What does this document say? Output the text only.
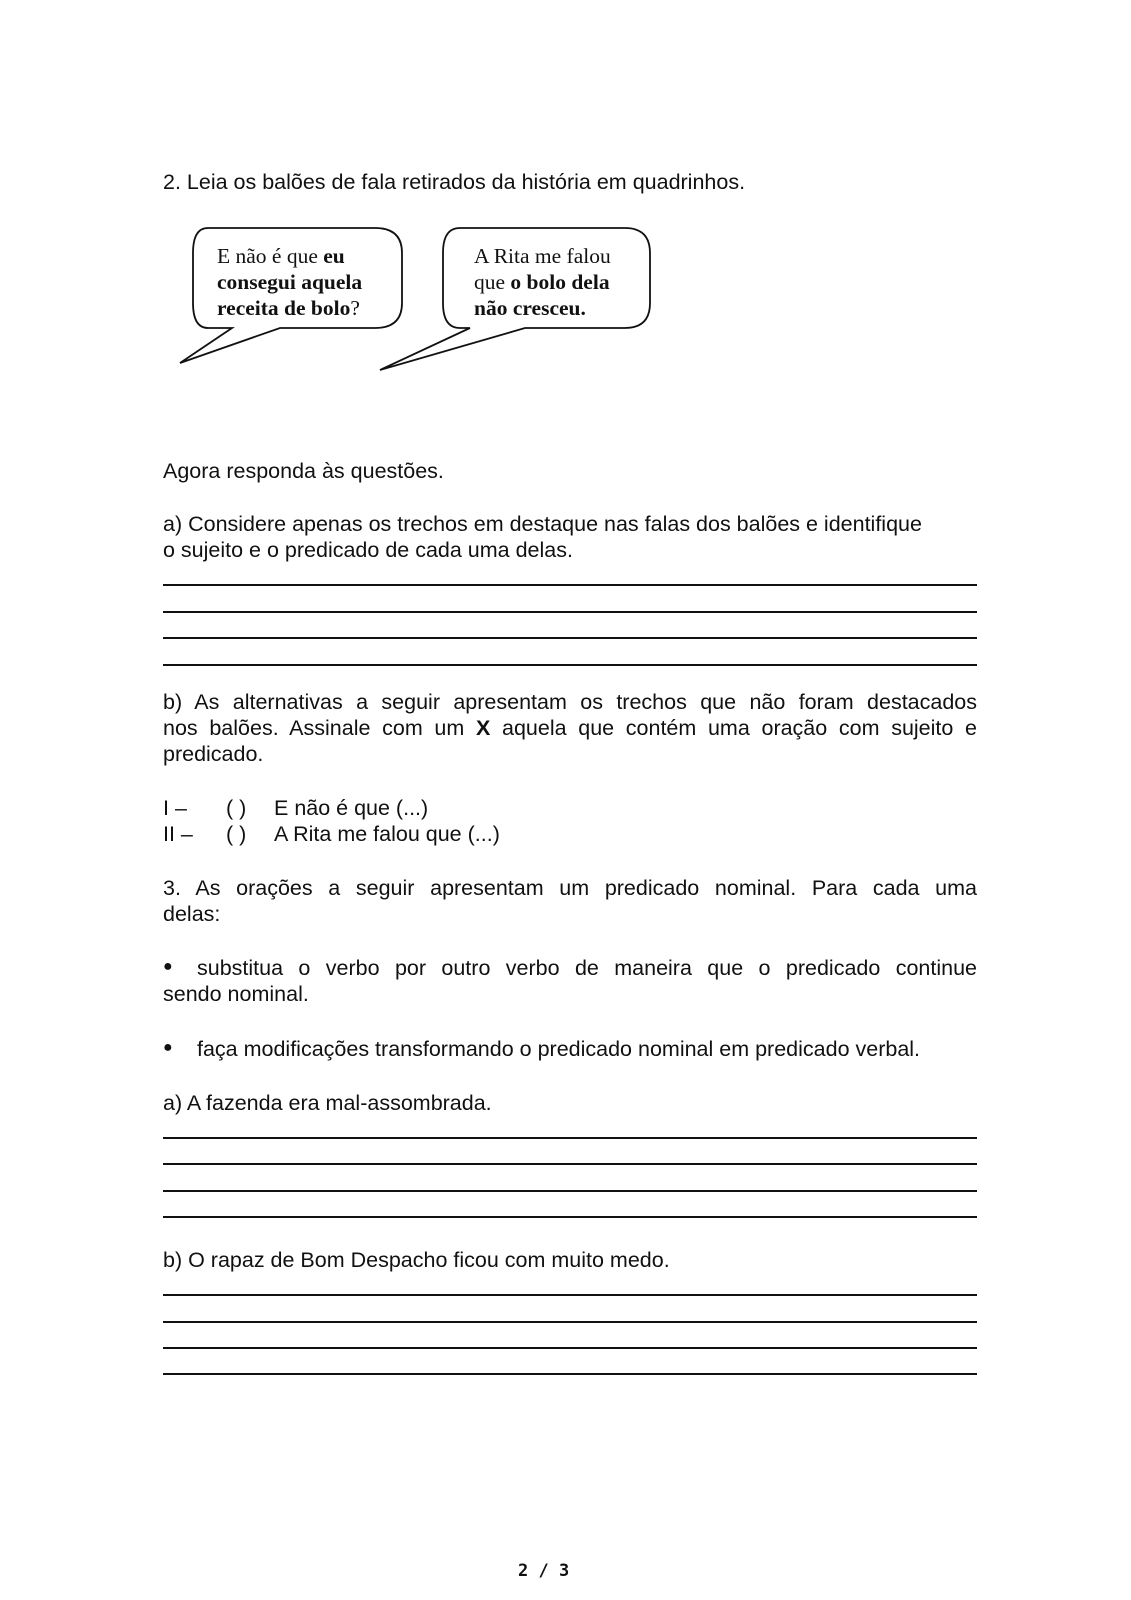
2. Leia os balões de fala retirados da história em quadrinhos.
E não é que eu
consegui aquela
receita de bolo?
A Rita me falou
que o bolo dela
não cresceu.
Agora responda às questões.
a) Considere apenas os trechos em destaque nas falas dos balões e identifique
o sujeito e o predicado de cada uma delas.
b) As alternativas a seguir apresentam os trechos que não foram destacados
nos balões. Assinale com um X aquela que contém uma oração com sujeito e
predicado.
I – ( ) E não é que (...)
II – ( ) A Rita me falou que (...)
3. As orações a seguir apresentam um predicado nominal. Para cada uma
delas:
● substitua o verbo por outro verbo de maneira que o predicado continue
sendo nominal.
● faça modificações transformando o predicado nominal em predicado verbal.
a) A fazenda era mal-assombrada.
b) O rapaz de Bom Despacho ficou com muito medo.
2 / 3
